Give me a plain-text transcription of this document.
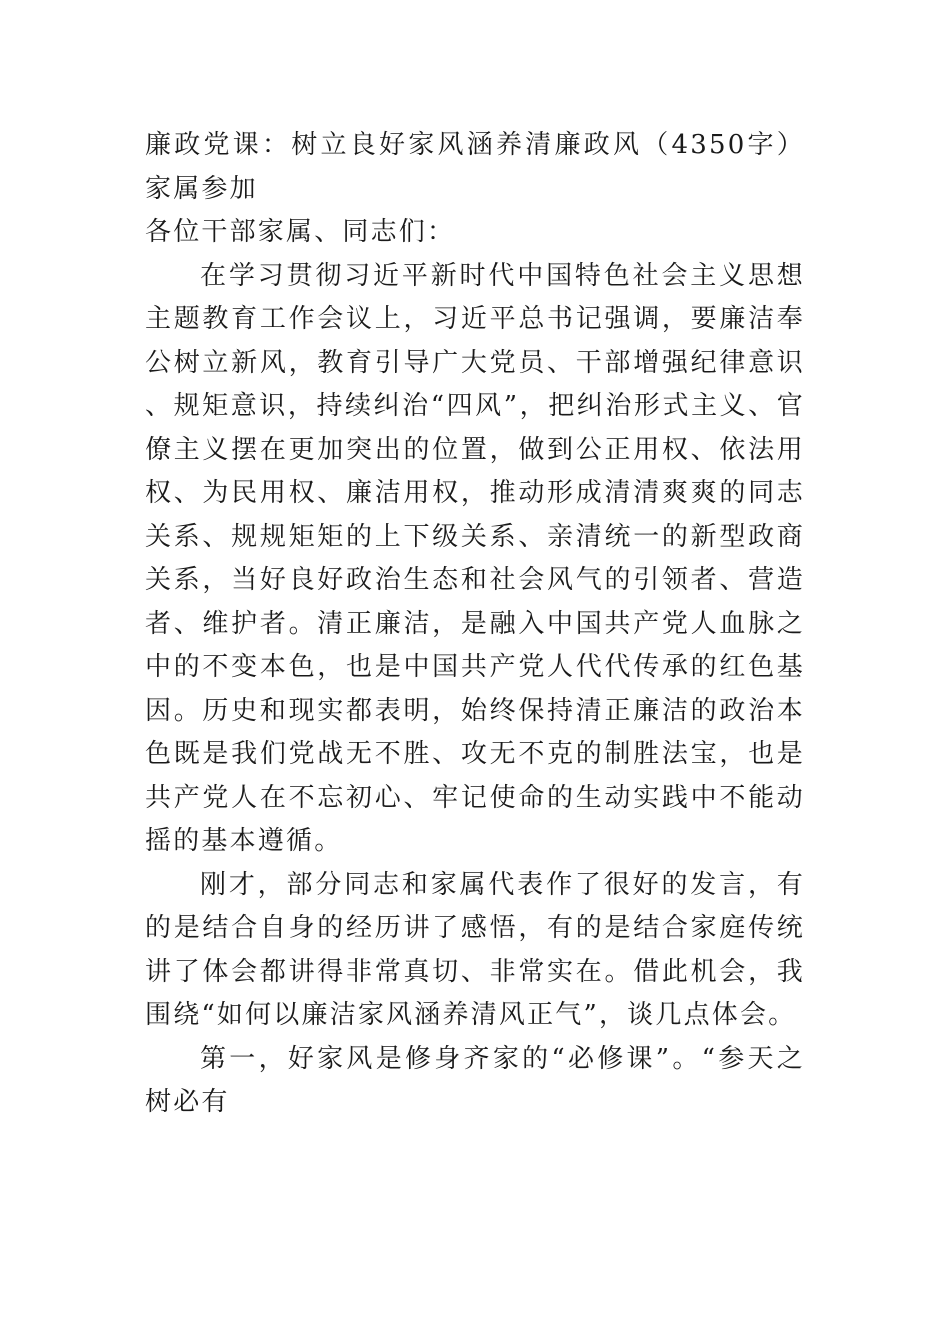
廉政党课：树立良好家风涵养清廉政风（4350字）家属参加

各位干部家属、同志们：

在学习贯彻习近平新时代中国特色社会主义思想主题教育工作会议上，习近平总书记强调，要廉洁奉公树立新风，教育引导广大党员、干部增强纪律意识、规矩意识，持续纠治“四风”，把纠治形式主义、官僚主义摆在更加突出的位置，做到公正用权、依法用权、为民用权、廉洁用权，推动形成清清爽爽的同志关系、规规矩矩的上下级关系、亲清统一的新型政商关系，当好良好政治生态和社会风气的引领者、营造者、维护者。清正廉洁，是融入中国共产党人血脉之中的不变本色，也是中国共产党人代代传承的红色基因。历史和现实都表明，始终保持清正廉洁的政治本色既是我们党战无不胜、攻无不克的制胜法宝，也是共产党人在不忘初心、牢记使命的生动实践中不能动摇的基本遵循。

刚才，部分同志和家属代表作了很好的发言，有的是结合自身的经历讲了感悟，有的是结合家庭传统讲了体会都讲得非常真切、非常实在。借此机会，我围绕“如何以廉洁家风涵养清风正气”，谈几点体会。

第一，好家风是修身齐家的“必修课”。“参天之树必有
